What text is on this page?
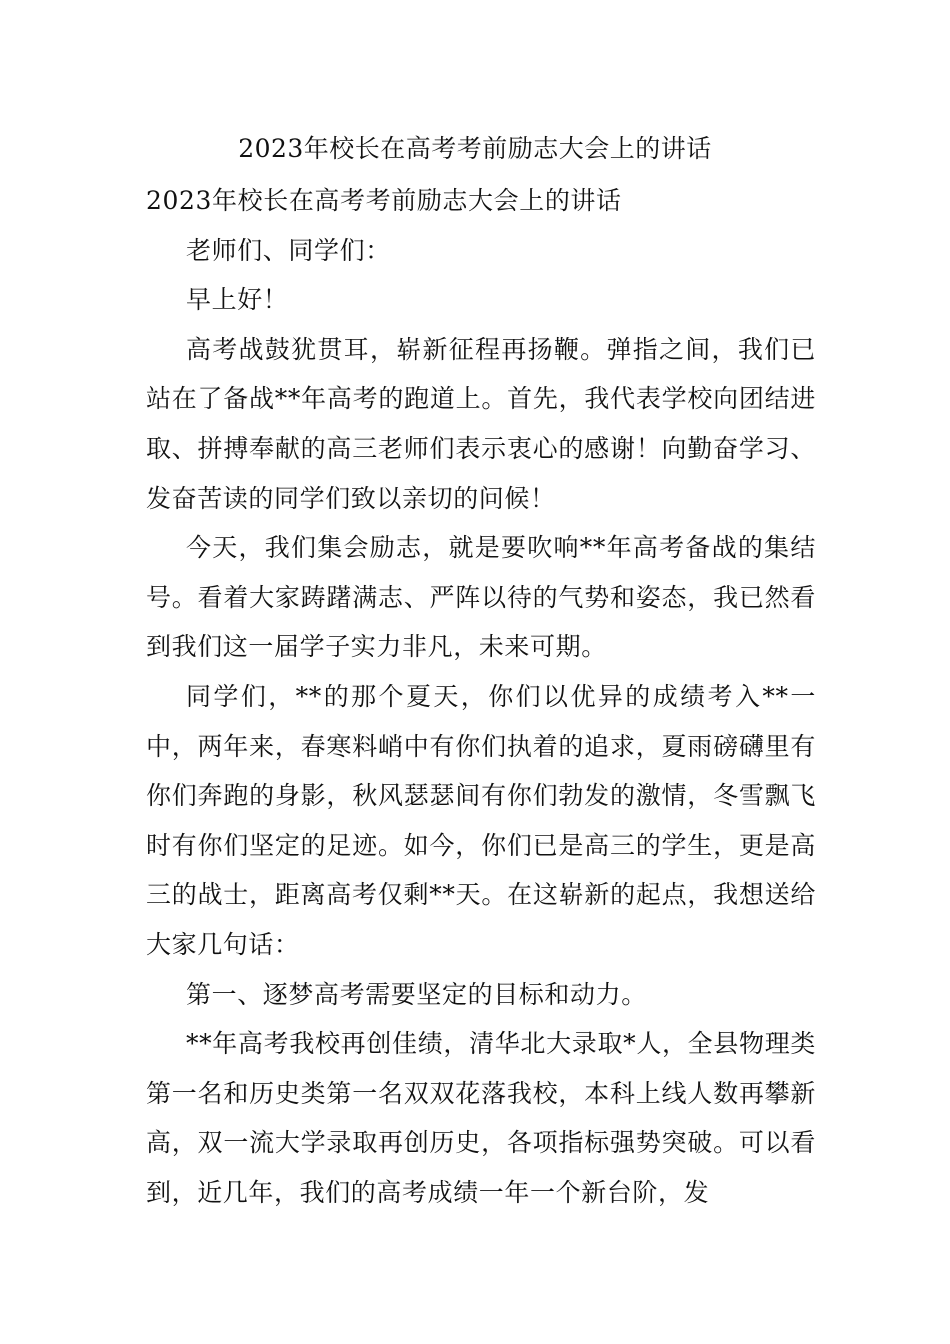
2023年校长在高考考前励志大会上的讲话

2023年校长在高考考前励志大会上的讲话

老师们、同学们：

早上好！

高考战鼓犹贯耳，崭新征程再扬鞭。弹指之间，我们已站在了备战**年高考的跑道上。首先，我代表学校向团结进取、拼搏奉献的高三老师们表示衷心的感谢！向勤奋学习、发奋苦读的同学们致以亲切的问候！

今天，我们集会励志，就是要吹响**年高考备战的集结号。看着大家踌躇满志、严阵以待的气势和姿态，我已然看到我们这一届学子实力非凡，未来可期。

同学们，**的那个夏天，你们以优异的成绩考入**一中，两年来，春寒料峭中有你们执着的追求，夏雨磅礴里有你们奔跑的身影，秋风瑟瑟间有你们勃发的激情，冬雪飘飞时有你们坚定的足迹。如今，你们已是高三的学生，更是高三的战士，距离高考仅剩**天。在这崭新的起点，我想送给大家几句话：

第一、逐梦高考需要坚定的目标和动力。

**年高考我校再创佳绩，清华北大录取*人，全县物理类第一名和历史类第一名双双花落我校，本科上线人数再攀新高，双一流大学录取再创历史，各项指标强势突破。可以看到，近几年，我们的高考成绩一年一个新台阶，发
